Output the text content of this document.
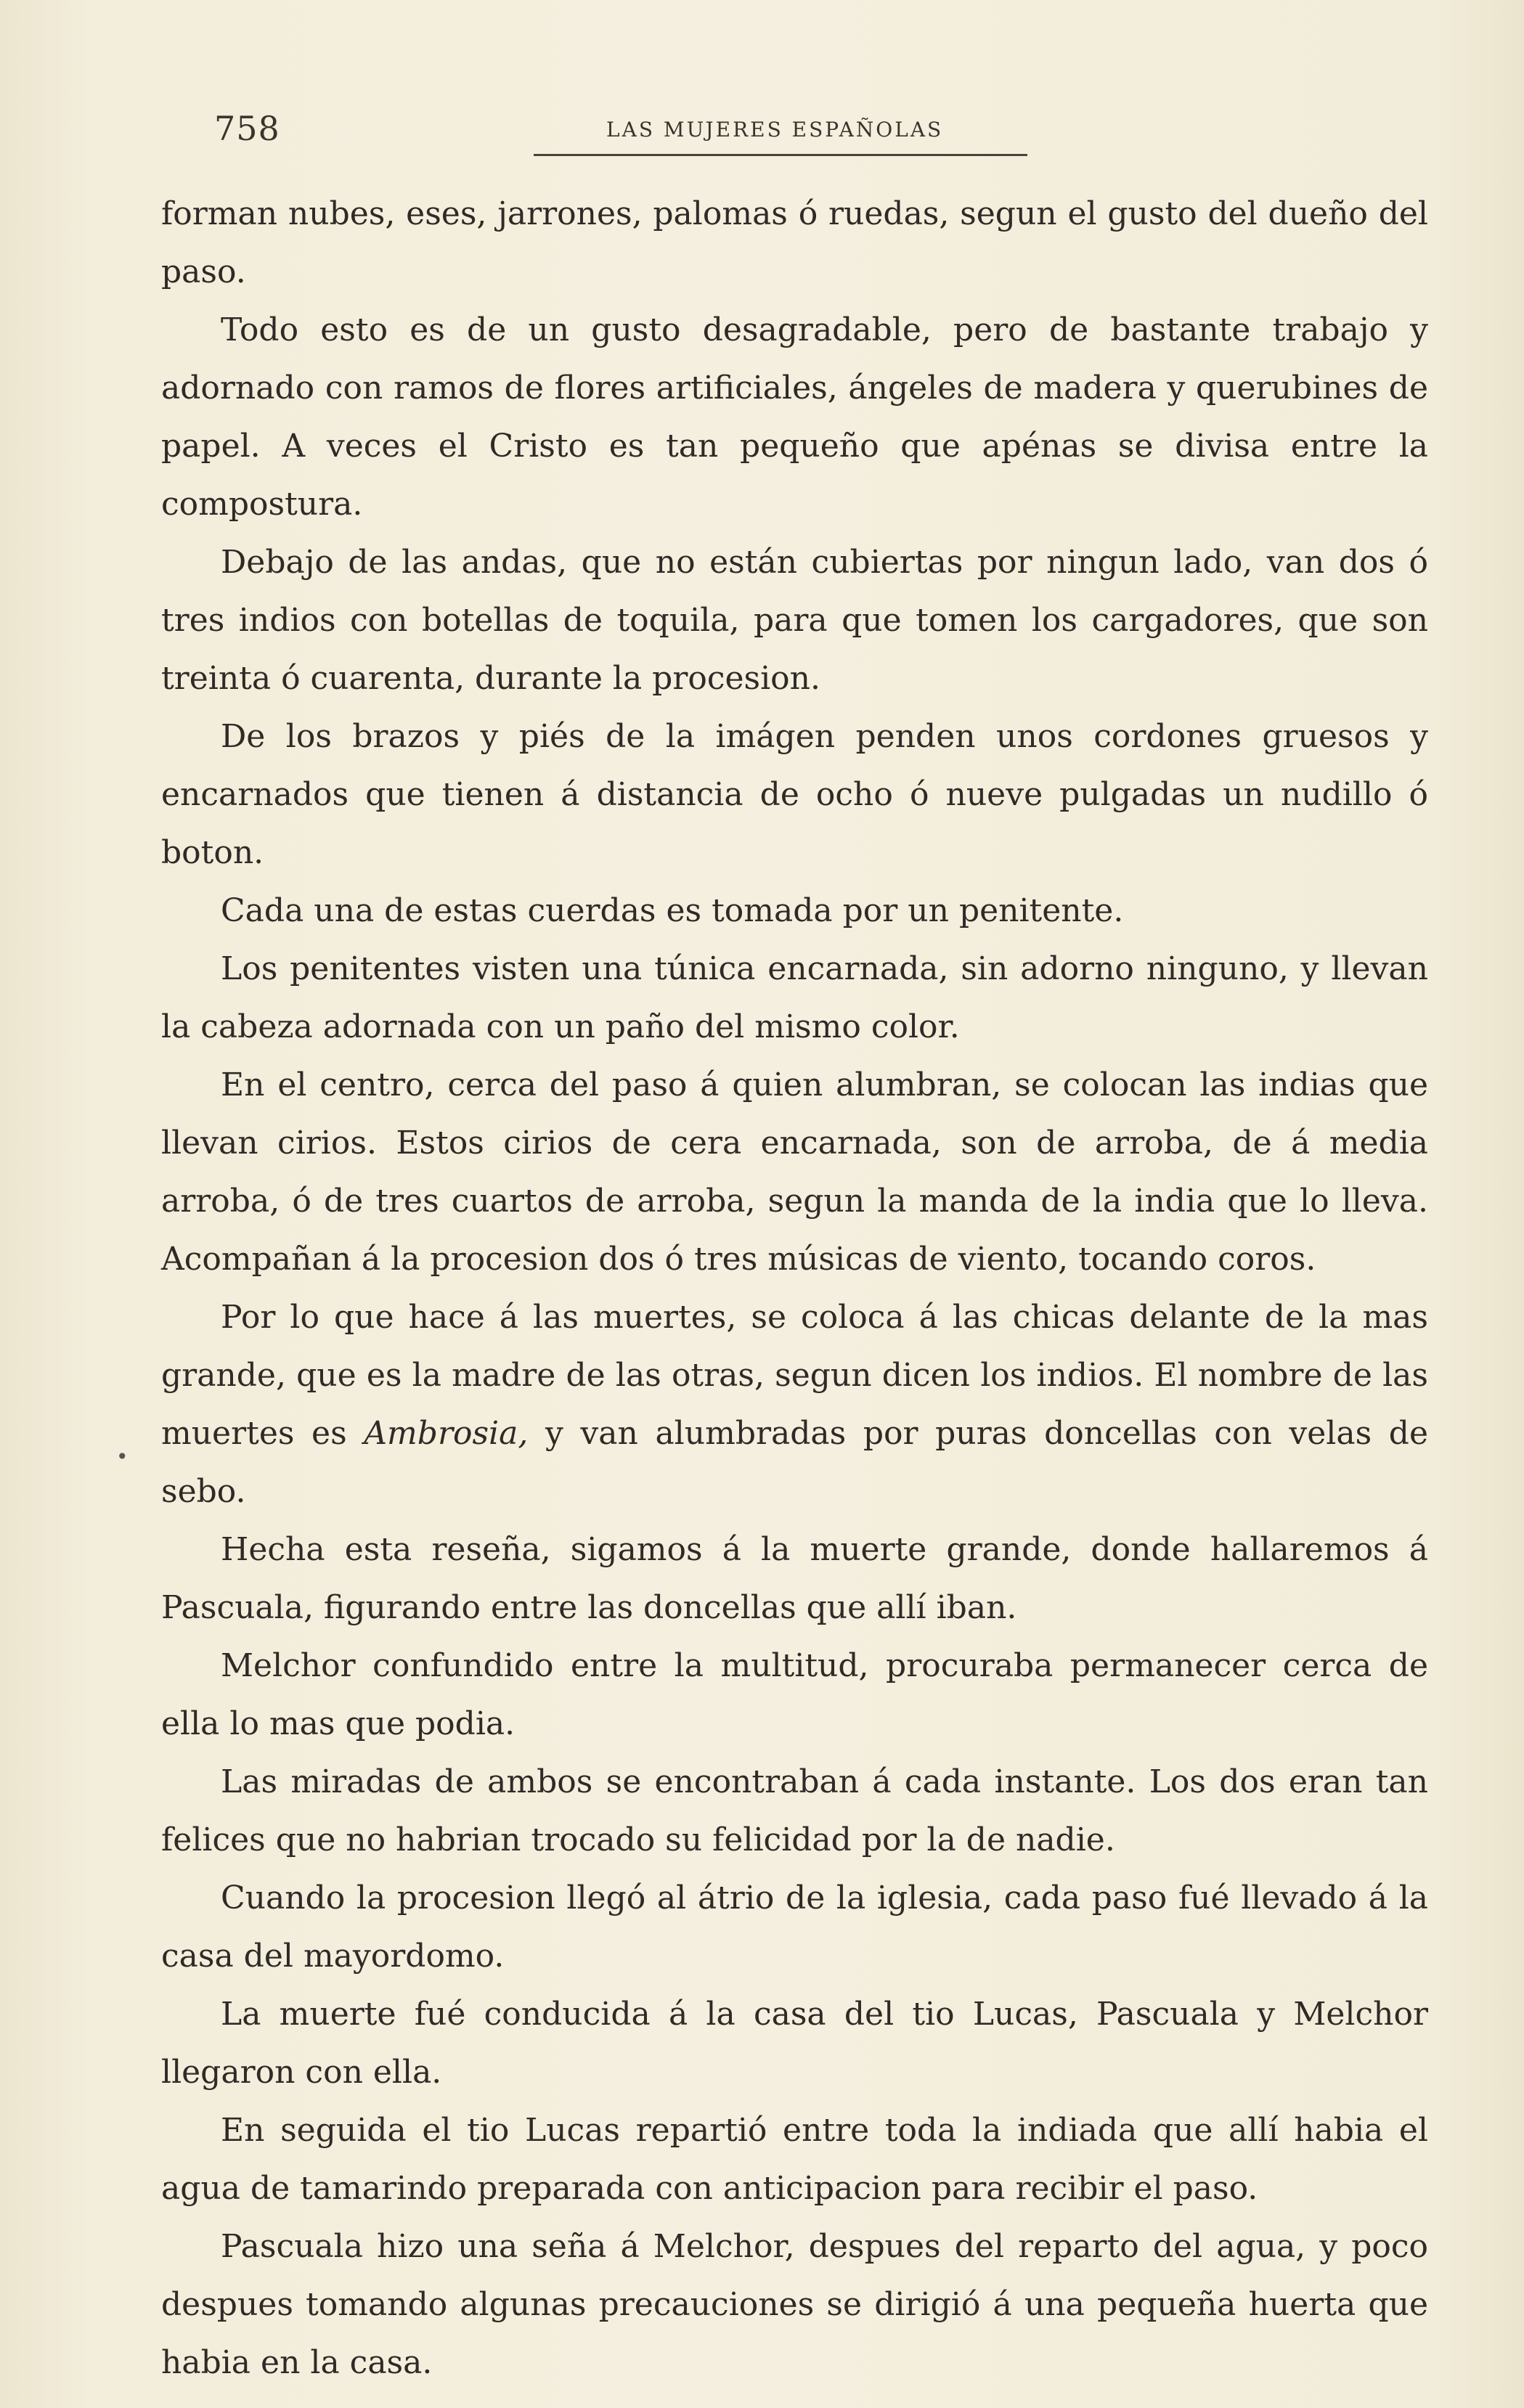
758	LAS MUJERES ESPAÑOLAS
•

forman nubes, eses, jarrones, palomas ó ruedas, segun el gusto del dueño del paso.

Todo esto es de un gusto desagradable, pero de bastante trabajo y adornado con ramos de flores artificiales, ángeles de madera y querubines de papel. A veces el Cristo es tan pequeño que apénas se divisa entre la compostura.

Debajo de las andas, que no están cubiertas por ningun lado, van dos ó tres indios con botellas de toquila, para que tomen los cargadores, que son treinta ó cuarenta, durante la procesion.

De los brazos y piés de la imágen penden unos cordones gruesos y encarnados que tienen á distancia de ocho ó nueve pulgadas un nudillo ó boton.

Cada una de estas cuerdas es tomada por un penitente.

Los penitentes visten una túnica encarnada, sin adorno ninguno, y llevan la cabeza adornada con un paño del mismo color.

En el centro, cerca del paso á quien alumbran, se colocan las indias que llevan cirios. Estos cirios de cera encarnada, son de arroba, de á media arroba, ó de tres cuartos de arroba, segun la manda de la india que lo lleva. Acompañan á la procesion dos ó tres músicas de viento, tocando coros.

Por lo que hace á las muertes, se coloca á las chicas delante de la mas grande, que es la madre de las otras, segun dicen los indios. El nombre de las muertes es Ambrosia, y van alumbradas por puras doncellas con velas de sebo.

Hecha esta reseña, sigamos á la muerte grande, donde hallaremos á Pascuala, figurando entre las doncellas que allí iban.

Melchor confundido entre la multitud, procuraba permanecer cerca de ella lo mas que podia.

Las miradas de ambos se encontraban á cada instante. Los dos eran tan felices que no habrian trocado su felicidad por la de nadie.

Cuando la procesion llegó al átrio de la iglesia, cada paso fué llevado á la casa del mayordomo.

La muerte fué conducida á la casa del tio Lucas, Pascuala y Melchor llegaron con ella.

En seguida el tio Lucas repartió entre toda la indiada que allí habia el agua de tamarindo preparada con anticipacion para recibir el paso.

Pascuala hizo una seña á Melchor, despues del reparto del agua, y poco despues tomando algunas precauciones se dirigió á una pequeña huerta que habia en la casa.
